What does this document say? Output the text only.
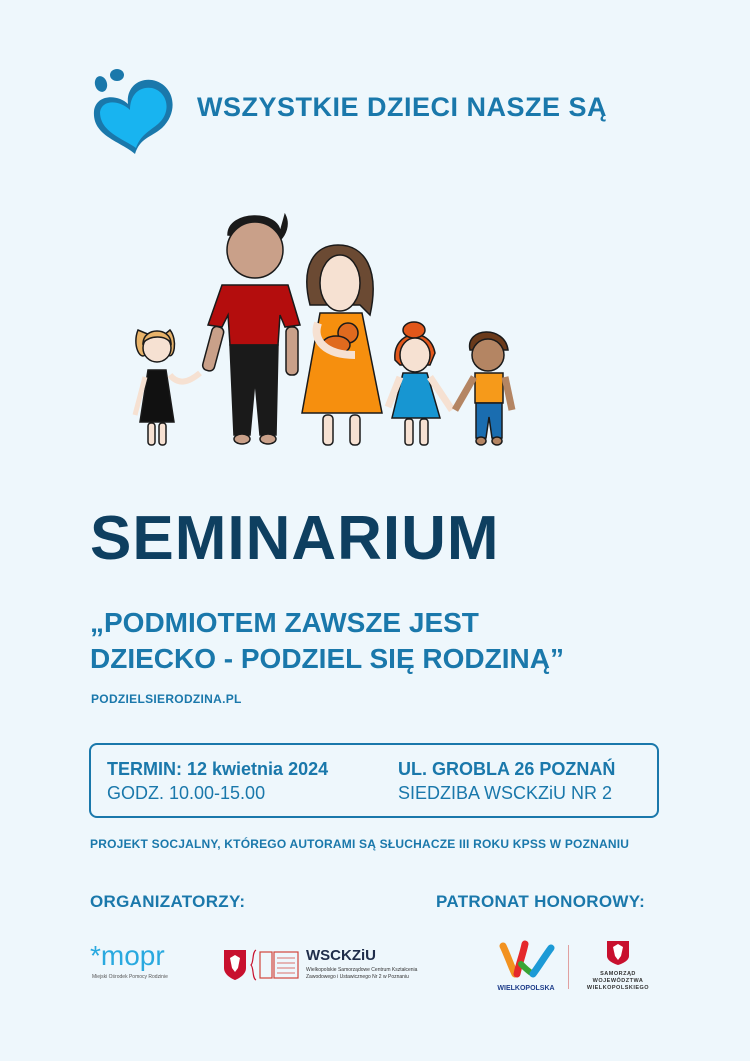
WSZYSTKIE DZIECI NASZE SĄ
SEMINARIUM
„PODMIOTEM ZAWSZE JEST
DZIECKO - PODZIEL SIĘ RODZINĄ”
PODZIELSIERODZINA.PL
TERMIN: 12 kwietnia 2024
GODZ. 10.00-15.00
UL. GROBLA 26 POZNAŃ
SIEDZIBA WSCKZiU NR 2
PROJEKT SOCJALNY, KTÓREGO AUTORAMI SĄ SŁUCHACZE III ROKU KPSS W POZNANIU
ORGANIZATORZY:	PATRONAT HONOROWY:
*mopr
Miejski Ośrodek Pomocy Rodzinie
WSCKZiU
Wielkopolskie Samorządowe Centrum Kształcenia
Zawodowego i Ustawicznego Nr 2 w Poznaniu
WIELKOPOLSKA
SAMORZĄD
WOJEWÓDZTWA
WIELKOPOLSKIEGO
